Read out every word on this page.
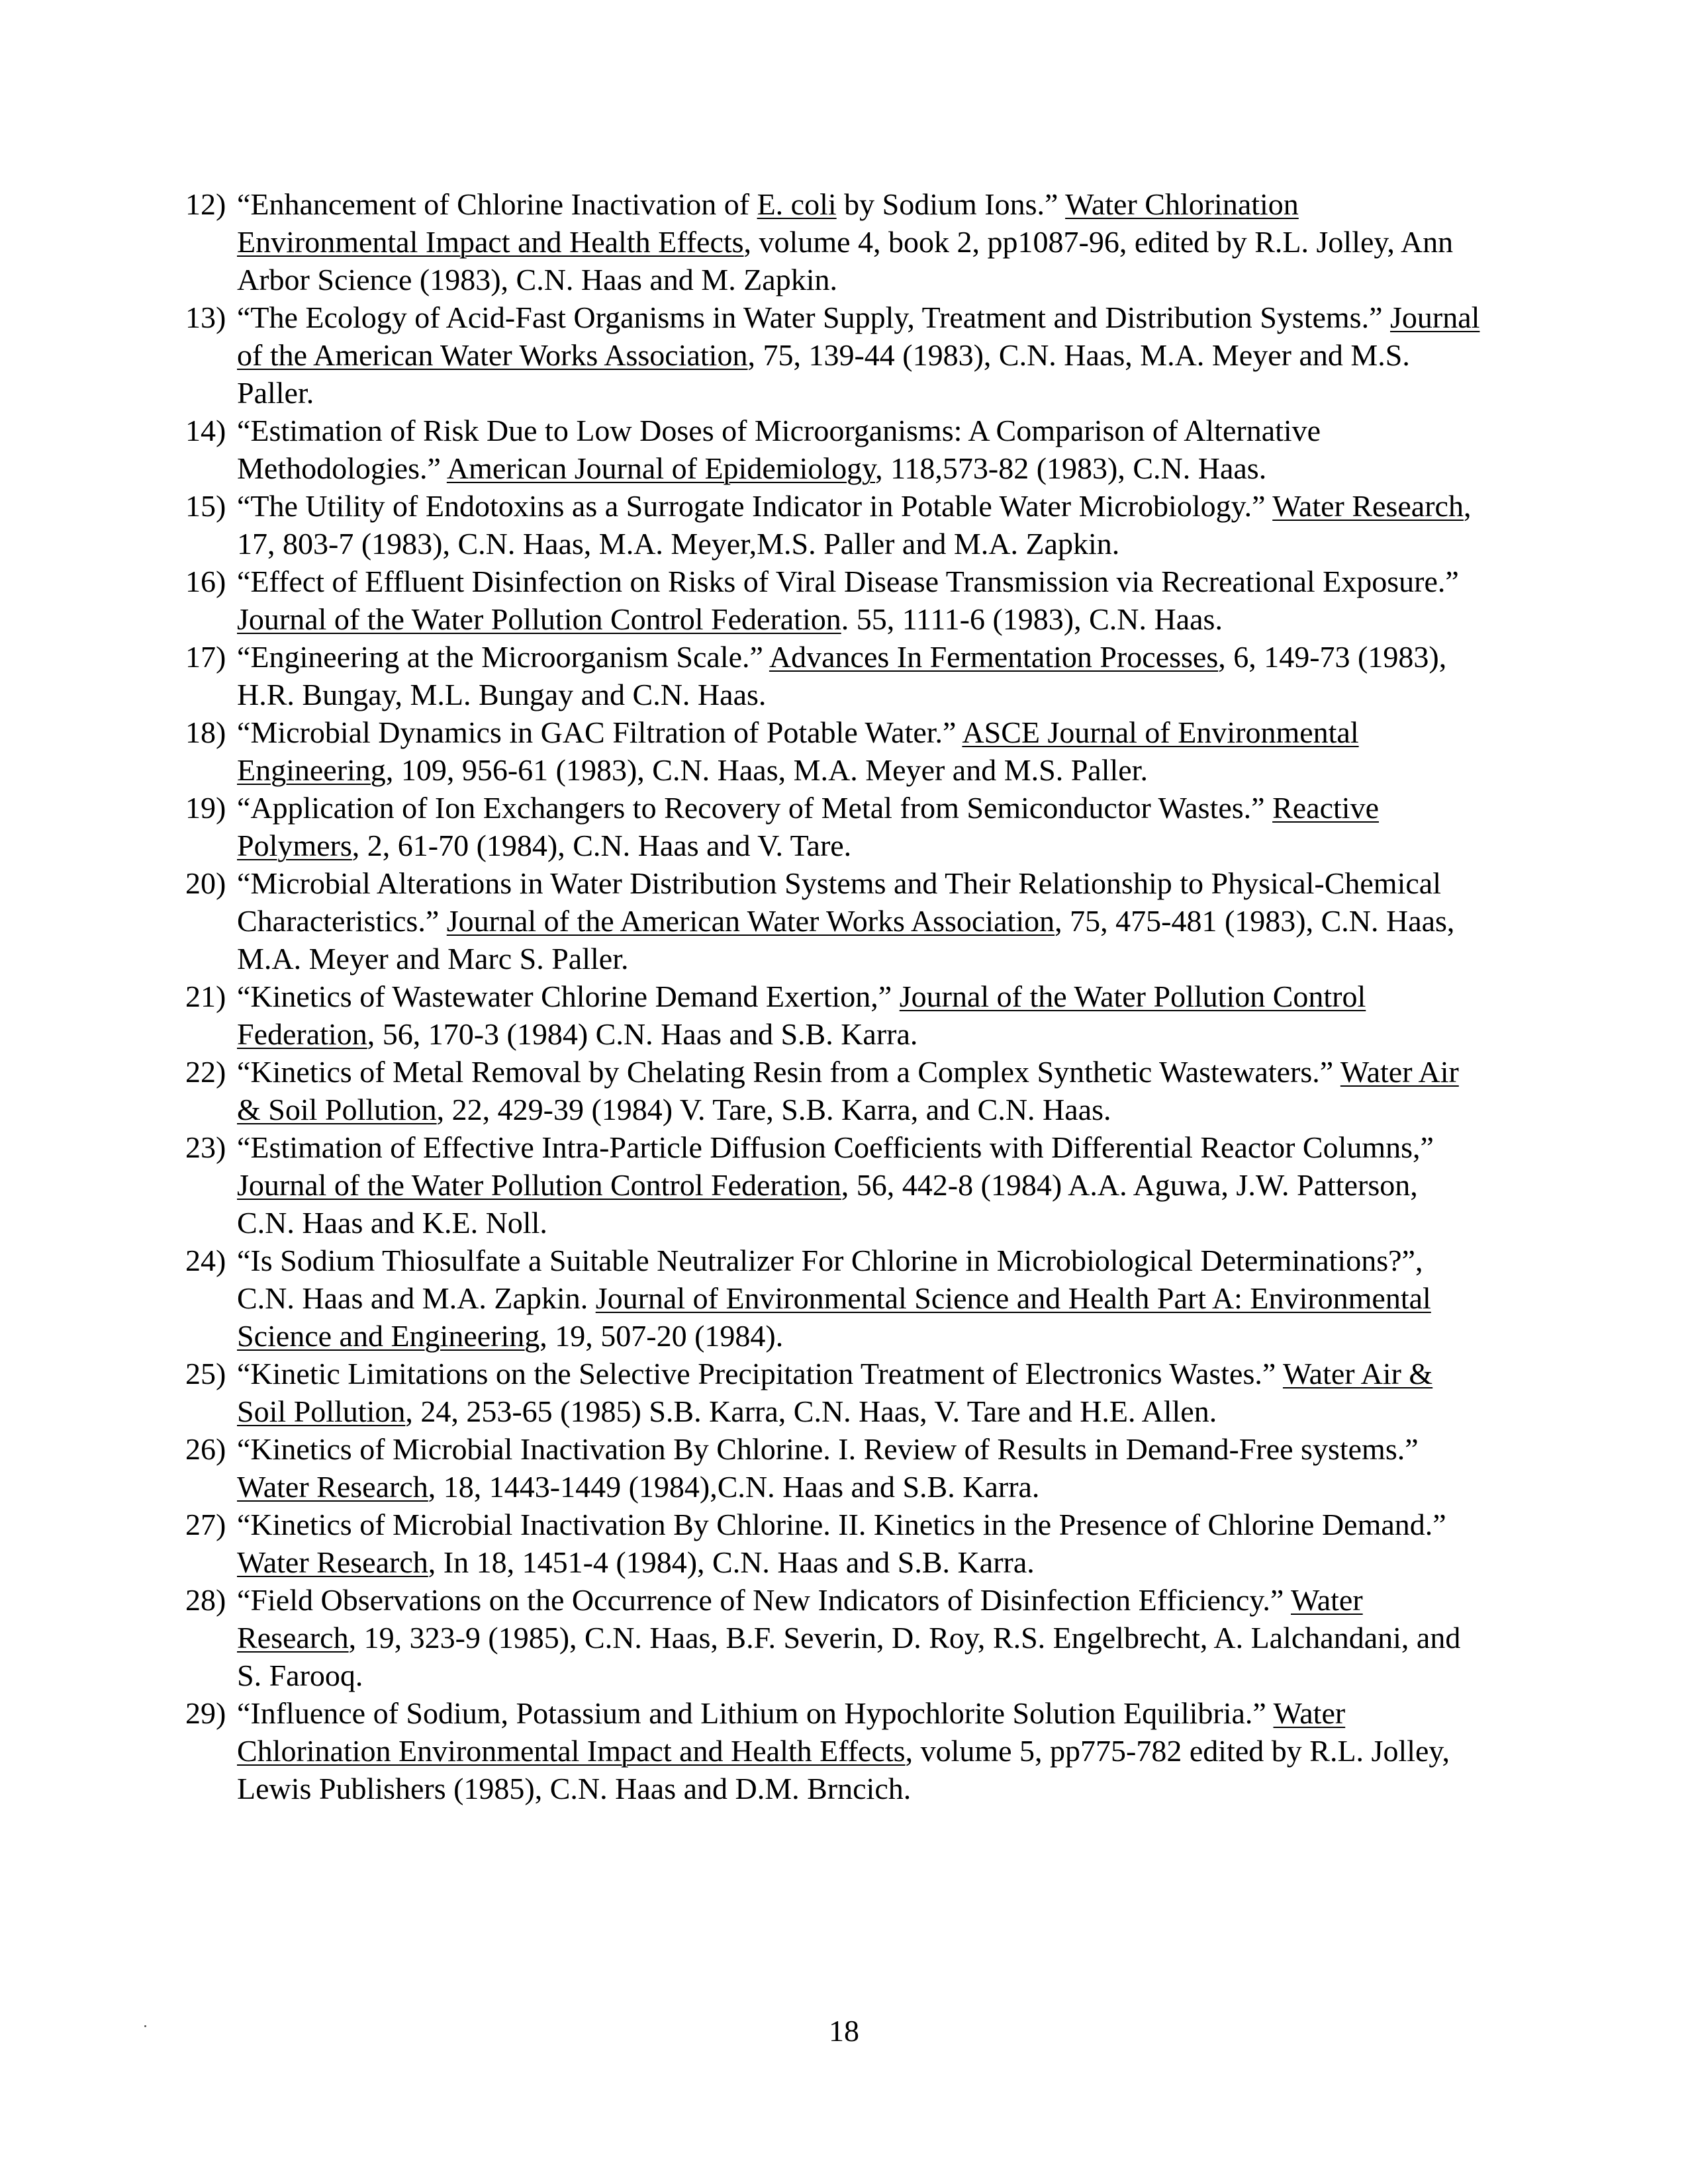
12) “Enhancement of Chlorine Inactivation of E. coli by Sodium Ions.” Water Chlorination Environmental Impact and Health Effects, volume 4, book 2, pp1087-96, edited by R.L. Jolley, Ann Arbor Science (1983), C.N. Haas and M. Zapkin.
13) “The Ecology of Acid-Fast Organisms in Water Supply, Treatment and Distribution Systems.” Journal of the American Water Works Association, 75, 139-44 (1983), C.N. Haas, M.A. Meyer and M.S. Paller.
14) “Estimation of Risk Due to Low Doses of Microorganisms: A Comparison of Alternative Methodologies.” American Journal of Epidemiology, 118,573-82 (1983), C.N. Haas.
15) “The Utility of Endotoxins as a Surrogate Indicator in Potable Water Microbiology.” Water Research, 17, 803-7 (1983), C.N. Haas, M.A. Meyer,M.S. Paller and M.A. Zapkin.
16) “Effect of Effluent Disinfection on Risks of Viral Disease Transmission via Recreational Exposure.” Journal of the Water Pollution Control Federation. 55, 1111-6 (1983), C.N. Haas.
17) “Engineering at the Microorganism Scale.” Advances In Fermentation Processes, 6, 149-73 (1983), H.R. Bungay, M.L. Bungay and C.N. Haas.
18) “Microbial Dynamics in GAC Filtration of Potable Water.” ASCE Journal of Environmental Engineering, 109, 956-61 (1983), C.N. Haas, M.A. Meyer and M.S. Paller.
19) “Application of Ion Exchangers to Recovery of Metal from Semiconductor Wastes.” Reactive Polymers, 2, 61-70 (1984), C.N. Haas and V. Tare.
20) “Microbial Alterations in Water Distribution Systems and Their Relationship to Physical-Chemical Characteristics.” Journal of the American Water Works Association, 75, 475-481 (1983), C.N. Haas, M.A. Meyer and Marc S. Paller.
21) “Kinetics of Wastewater Chlorine Demand Exertion,” Journal of the Water Pollution Control Federation, 56, 170-3 (1984) C.N. Haas and S.B. Karra.
22) “Kinetics of Metal Removal by Chelating Resin from a Complex Synthetic Wastewaters.” Water Air & Soil Pollution, 22, 429-39 (1984) V. Tare, S.B. Karra, and C.N. Haas.
23) “Estimation of Effective Intra-Particle Diffusion Coefficients with Differential Reactor Columns,” Journal of the Water Pollution Control Federation, 56, 442-8 (1984) A.A. Aguwa, J.W. Patterson, C.N. Haas and K.E. Noll.
24) “Is Sodium Thiosulfate a Suitable Neutralizer For Chlorine in Microbiological Determinations?”, C.N. Haas and M.A. Zapkin. Journal of Environmental Science and Health Part A: Environmental Science and Engineering, 19, 507-20 (1984).
25) “Kinetic Limitations on the Selective Precipitation Treatment of Electronics Wastes.” Water Air & Soil Pollution, 24, 253-65 (1985) S.B. Karra, C.N. Haas, V. Tare and H.E. Allen.
26) “Kinetics of Microbial Inactivation By Chlorine. I. Review of Results in Demand-Free systems.” Water Research, 18, 1443-1449 (1984),C.N. Haas and S.B. Karra.
27) “Kinetics of Microbial Inactivation By Chlorine. II. Kinetics in the Presence of Chlorine Demand.” Water Research, In 18, 1451-4 (1984), C.N. Haas and S.B. Karra.
28) “Field Observations on the Occurrence of New Indicators of Disinfection Efficiency.” Water Research, 19, 323-9 (1985), C.N. Haas, B.F. Severin, D. Roy, R.S. Engelbrecht, A. Lalchandani, and S. Farooq.
29) “Influence of Sodium, Potassium and Lithium on Hypochlorite Solution Equilibria.” Water Chlorination Environmental Impact and Health Effects, volume 5, pp775-782 edited by R.L. Jolley, Lewis Publishers (1985), C.N. Haas and D.M. Brncich.
18
